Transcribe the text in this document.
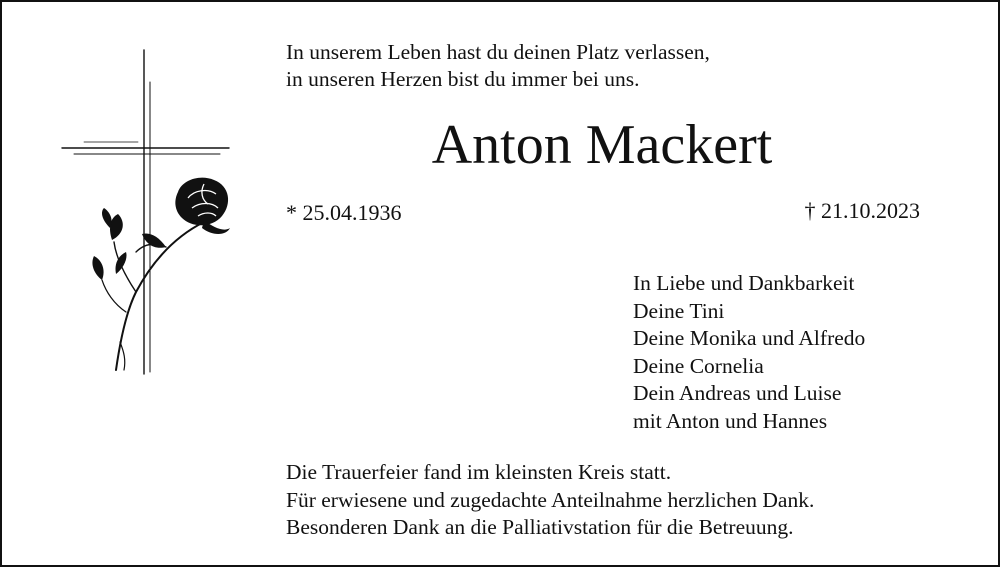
In unserem Leben hast du deinen Platz verlassen,
in unseren Herzen bist du immer bei uns.
Anton Mackert
* 25.04.1936	† 21.10.2023
In Liebe und Dankbarkeit
Deine Tini
Deine Monika und Alfredo
Deine Cornelia
Dein Andreas und Luise
mit Anton und Hannes
Die Trauerfeier fand im kleinsten Kreis statt.
Für erwiesene und zugedachte Anteilnahme herzlichen Dank.
Besonderen Dank an die Palliativstation für die Betreuung.
